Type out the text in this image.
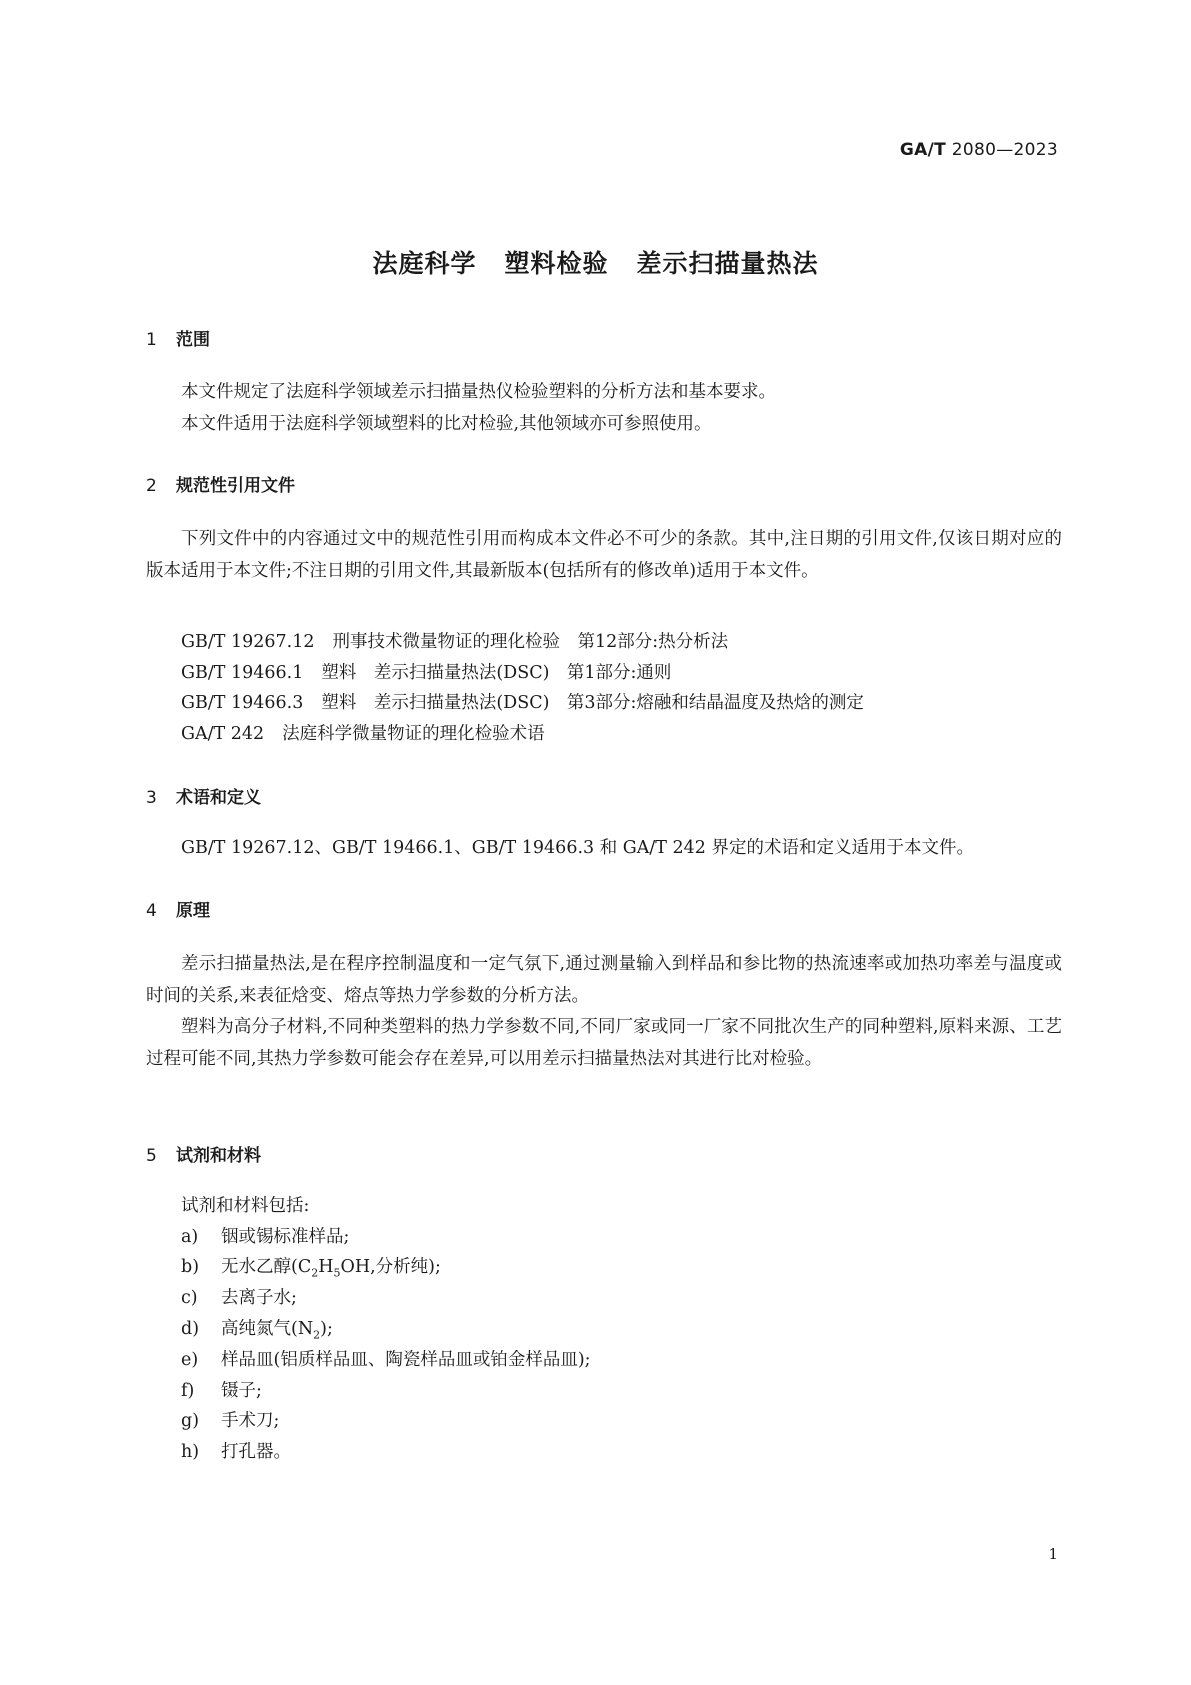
GA/T 2080—2023
法庭科学 塑料检验 差示扫描量热法
1 范围

本文件规定了法庭科学领域差示扫描量热仪检验塑料的分析方法和基本要求。

本文件适用于法庭科学领域塑料的比对检验,其他领域亦可参照使用。

2 规范性引用文件

下列文件中的内容通过文中的规范性引用而构成本文件必不可少的条款。其中,注日期的引用文件,仅该日期对应的版本适用于本文件;不注日期的引用文件,其最新版本(包括所有的修改单)适用于本文件。

GB/T 19267.12 刑事技术微量物证的理化检验　第12部分:热分析法
GB/T 19466.1 塑料　差示扫描量热法(DSC)　第1部分:通则
GB/T 19466.3 塑料　差示扫描量热法(DSC)　第3部分:熔融和结晶温度及热焓的测定
GA/T 242 法庭科学微量物证的理化检验术语
3 术语和定义
GB/T 19267.12、GB/T 19466.1、GB/T 19466.3 和 GA/T 242 界定的术语和定义适用于本文件。
4 原理

差示扫描量热法,是在程序控制温度和一定气氛下,通过测量输入到样品和参比物的热流速率或加热功率差与温度或时间的关系,来表征焓变、熔点等热力学参数的分析方法。

塑料为高分子材料,不同种类塑料的热力学参数不同,不同厂家或同一厂家不同批次生产的同种塑料,原料来源、工艺过程可能不同,其热力学参数可能会存在差异,可以用差示扫描量热法对其进行比对检验。

5 试剂和材料
试剂和材料包括:
a) 铟或锡标准样品;
b) 无水乙醇($C_2H_5OH$,分析纯);
c) 去离子水;
d) 高纯氮气$(N_2)$;
e) 样品皿(铝质样品皿、陶瓷样品皿或铂金样品皿);
f) 镊子;
g) 手术刀;
h) 打孔器。
1
